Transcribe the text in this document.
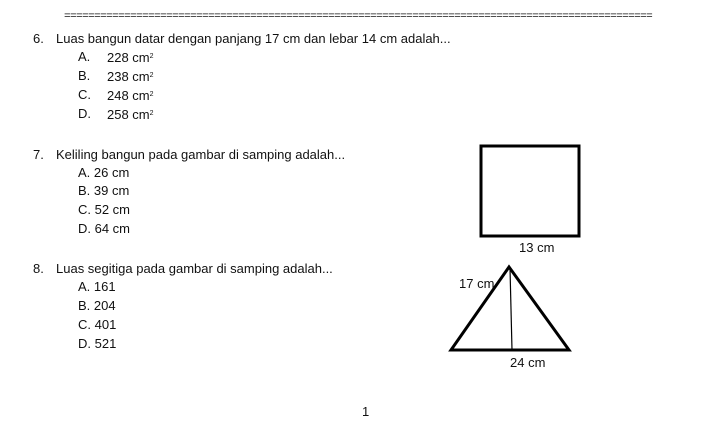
==================================================================================================
6. Luas bangun datar dengan panjang 17 cm dan lebar 14 cm adalah...
A. 228 $cm^2$
B. 238 $cm^2$
C. 248 $cm^2$
D. 258 $cm^2$
7. Keliling bangun pada gambar di samping adalah...
A. 26 cm
B. 39 cm
C. 52 cm
D. 64 cm
8. Luas segitiga pada gambar di samping adalah...
A. 161
B. 204
C. 401
D. 521
13 cm
17 cm
24 cm
1
